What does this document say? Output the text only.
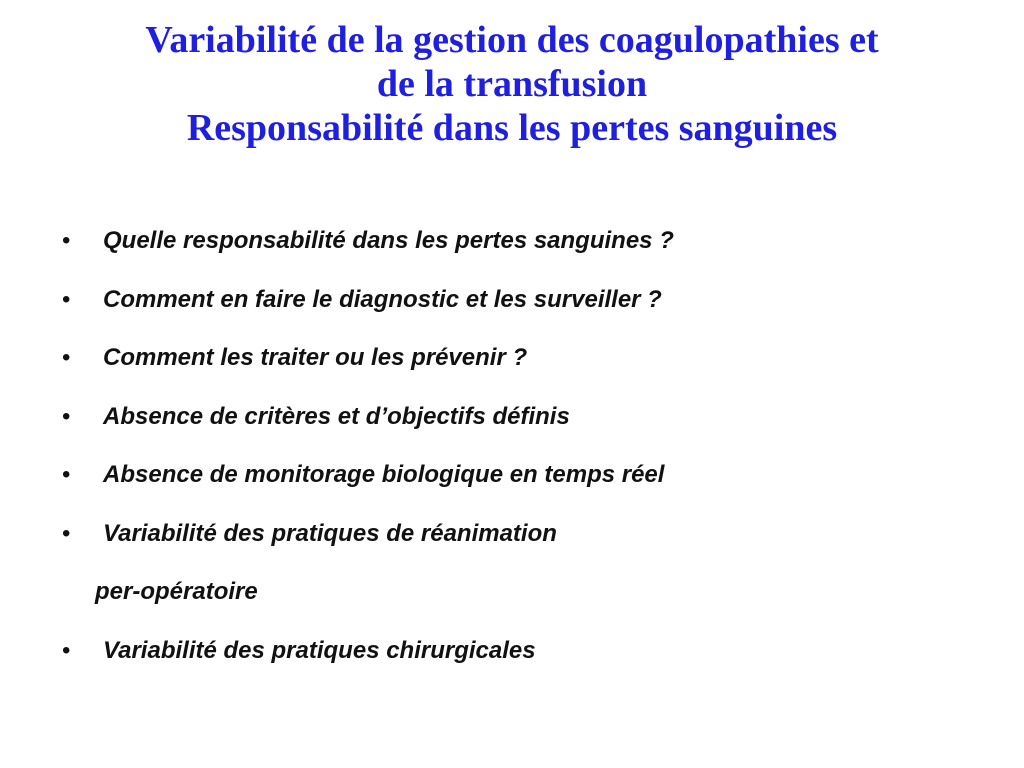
Variabilité de la gestion des coagulopathies et
de la transfusion
Responsabilité dans les pertes sanguines
•	Quelle responsabilité dans les pertes sanguines ?
•	Comment en faire le diagnostic et les surveiller ?
•	Comment les traiter ou les prévenir ?
•	Absence de critères et d’objectifs définis
•	Absence de monitorage biologique en temps réel
•	Variabilité des pratiques de réanimation
per-opératoire
•	Variabilité des pratiques chirurgicales
